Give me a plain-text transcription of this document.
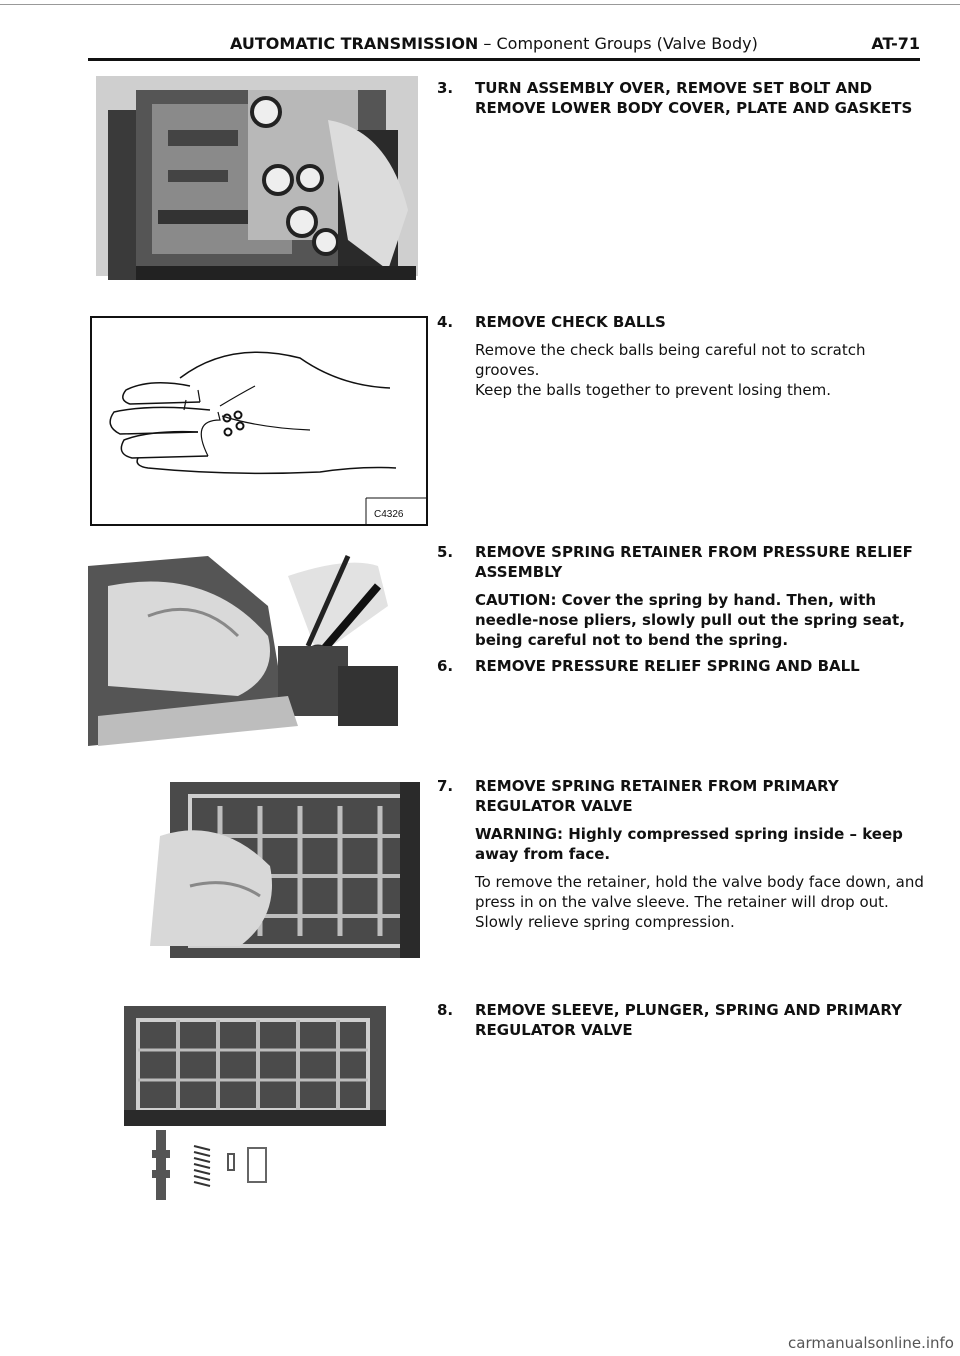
AUTOMATIC TRANSMISSION – Component Groups (Valve Body)	AT-71
C4326
3. TURN ASSEMBLY OVER, REMOVE SET BOLT AND REMOVE LOWER BODY COVER, PLATE AND GASKETS
4. REMOVE CHECK BALLS
Remove the check balls being careful not to scratch grooves.
Keep the balls together to prevent losing them.
5. REMOVE SPRING RETAINER FROM PRESSURE RELIEF ASSEMBLY
CAUTION: Cover the spring by hand. Then, with needle-nose pliers, slowly pull out the spring seat, being careful not to bend the spring.
6. REMOVE PRESSURE RELIEF SPRING AND BALL
7. REMOVE SPRING RETAINER FROM PRIMARY REGULATOR VALVE
WARNING: Highly compressed spring inside – keep away from face.
To remove the retainer, hold the valve body face down, and press in on the valve sleeve. The retainer will drop out. Slowly relieve spring compression.
8. REMOVE SLEEVE, PLUNGER, SPRING AND PRIMARY REGULATOR VALVE
carmanualsonline.info
